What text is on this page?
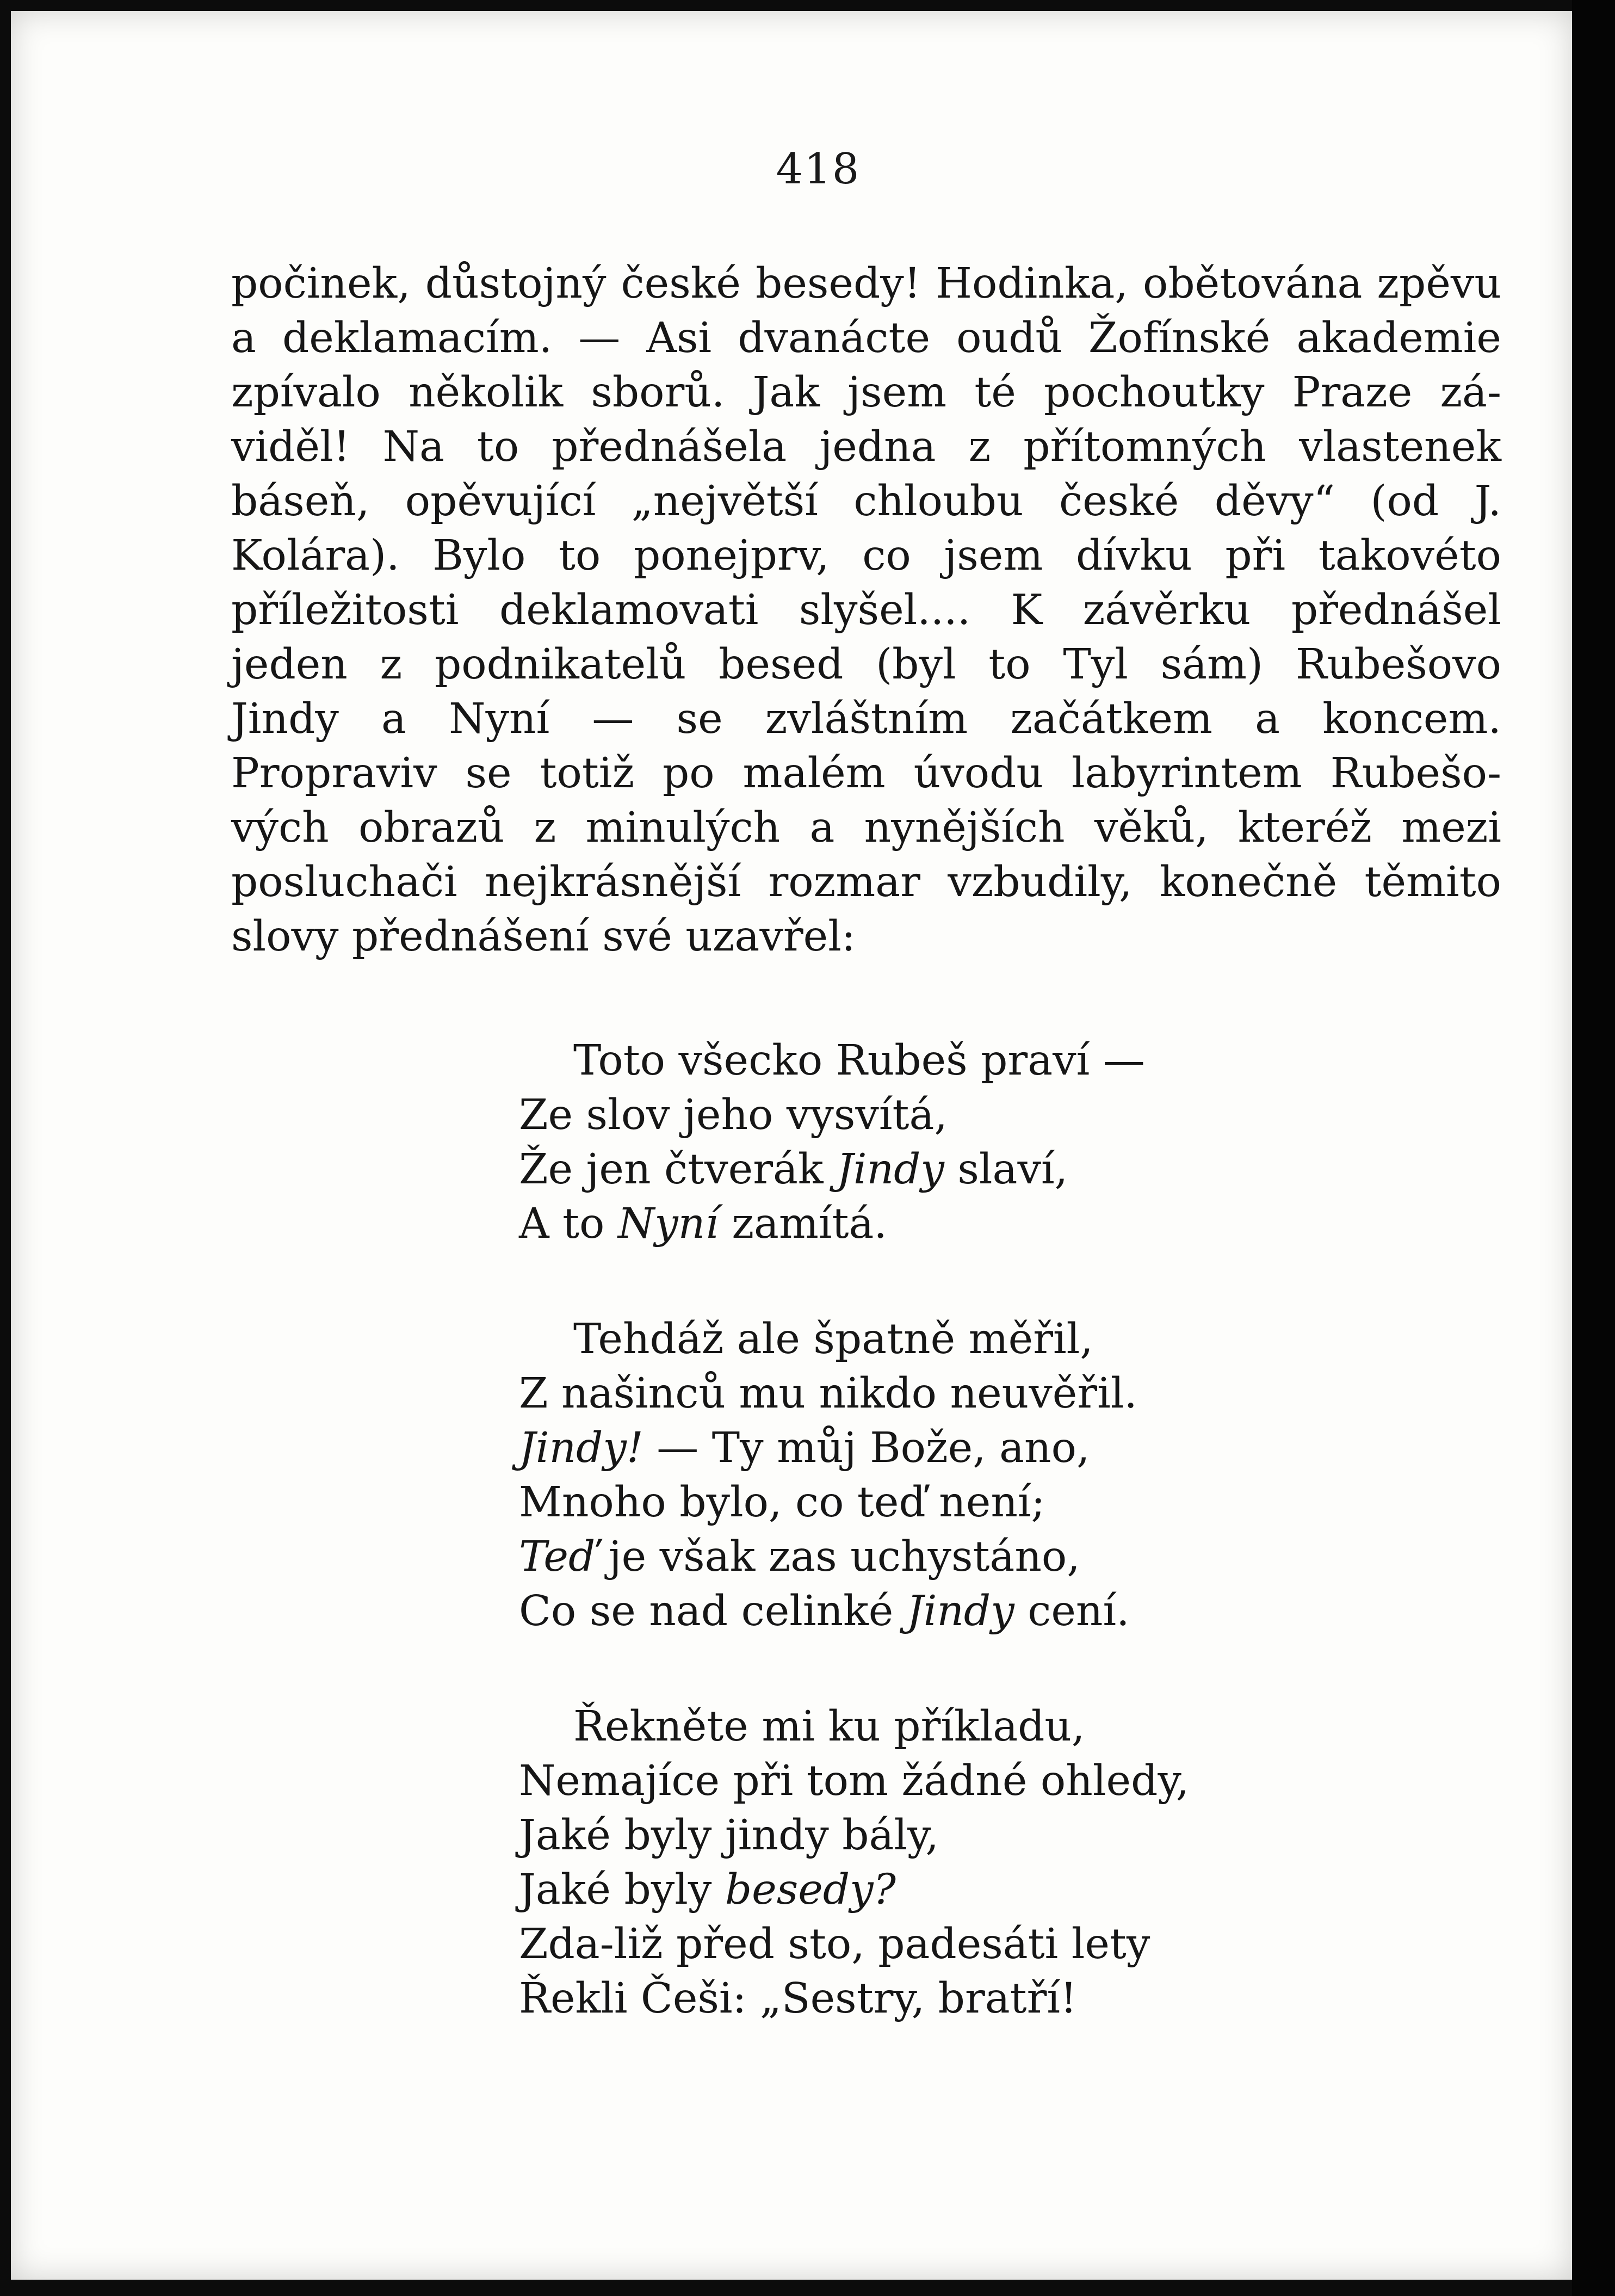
418
počinek, důstojný české besedy! Hodinka, obětována zpěvu
a deklamacím. — Asi dvanácte oudů Žofínské akademie
zpívalo několik sborů. Jak jsem té pochoutky Praze zá-
viděl! Na to přednášela jedna z přítomných vlastenek
báseň, opěvující „největší chloubu české děvy“ (od J.
Kolára). Bylo to ponejprv, co jsem dívku při takovéto
příležitosti deklamovati slyšel.... K závěrku přednášel
jeden z podnikatelů besed (byl to Tyl sám) Rubešovo
Jindy a Nyní — se zvláštním začátkem a koncem.
Propraviv se totiž po malém úvodu labyrintem Rubešo-
vých obrazů z minulých a nynějších věků, kteréž mezi
posluchači nejkrásnější rozmar vzbudily, konečně těmito
slovy přednášení své uzavřel:
Toto všecko Rubeš praví —
Ze slov jeho vysvítá,
Že jen čtverák Jindy slaví,
A to Nyní zamítá.
Tehdáž ale špatně měřil,
Z našinců mu nikdo neuvěřil.
Jindy! — Ty můj Bože, ano,
Mnoho bylo, co teď není;
Teď je však zas uchystáno,
Co se nad celinké Jindy cení.
Řekněte mi ku příkladu,
Nemajíce při tom žádné ohledy,
Jaké byly jindy bály,
Jaké byly besedy?
Zda-liž před sto, padesáti lety
Řekli Češi: „Sestry, bratří!
